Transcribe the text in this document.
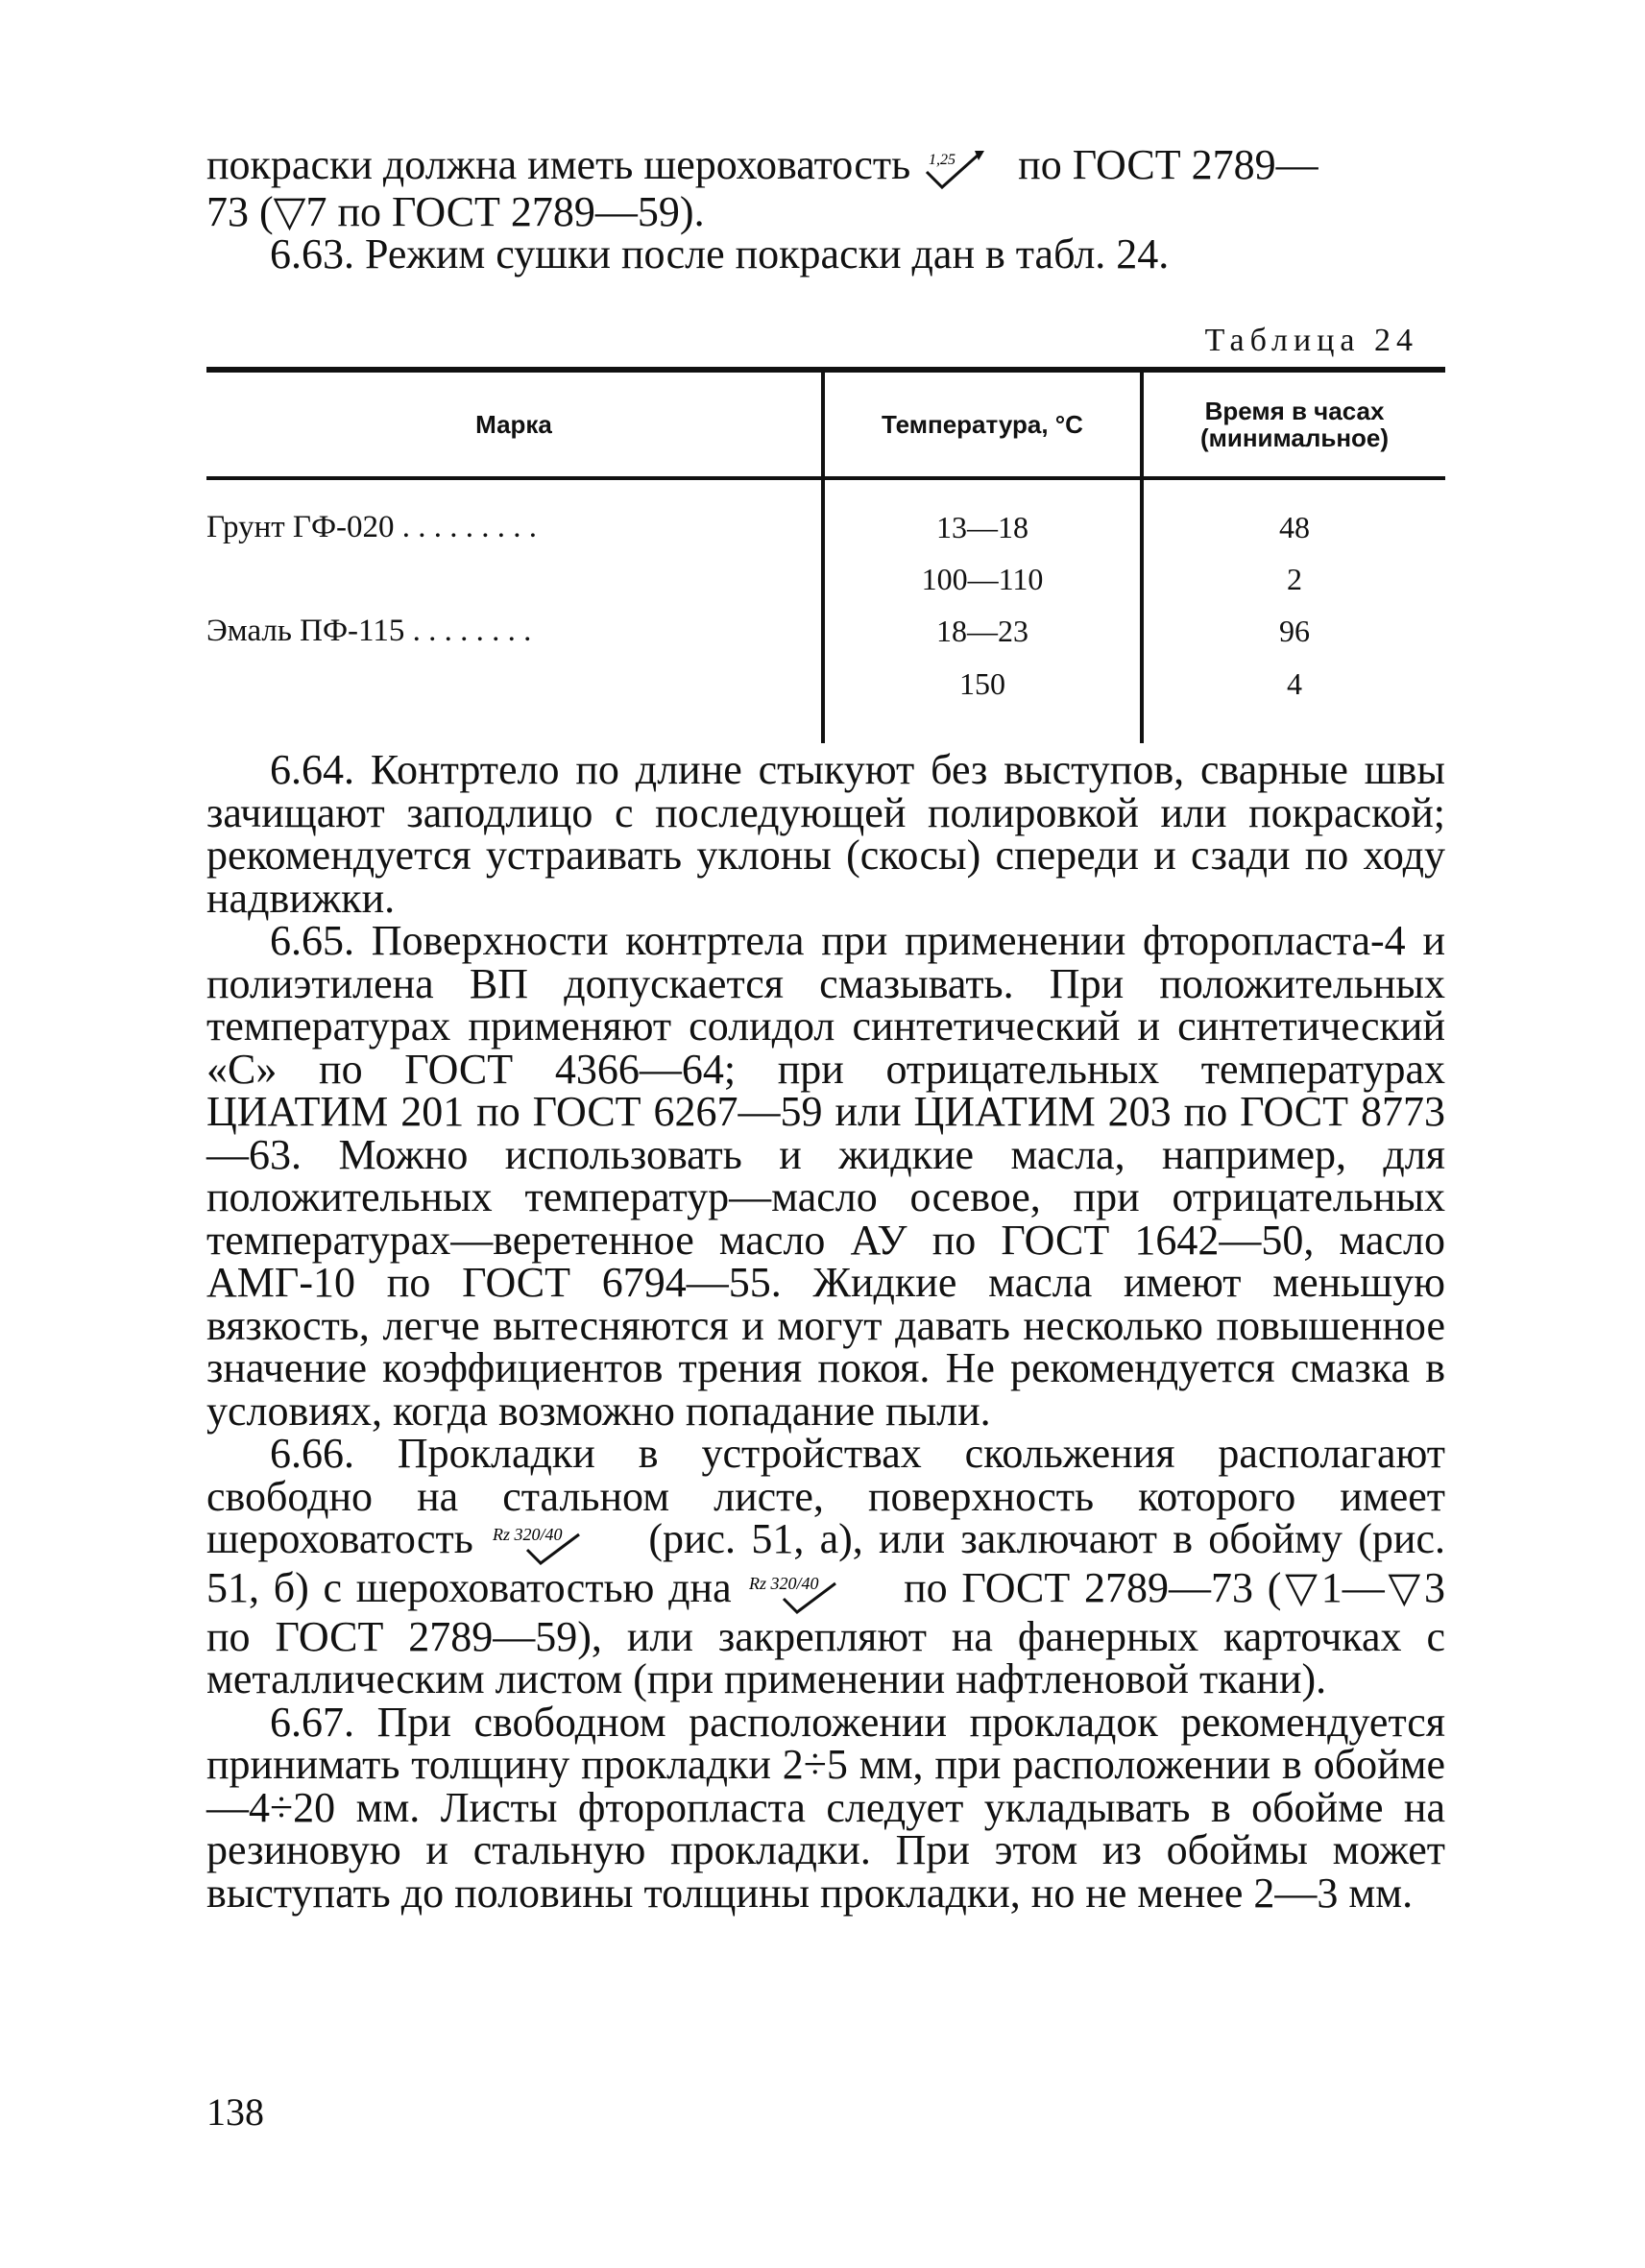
покраски должна иметь шероховатость 1,25 по ГОСТ 2789—

73 (▽7 по ГОСТ 2789—59).

6.63. Режим сушки после покраски дан в табл. 24.

Таблица 24
Марка	Температура, °С	Время в часах (минимальное)
Грунт ГФ-020 . . . . . . . . .	13—18	48
	100—110	2
Эмаль ПФ-115 . . . . . . . .	18—23	96
	150	4

6.64. Контртело по длине стыкуют без выступов, сварные швы зачищают заподлицо с последующей полировкой или покраской; рекомендуется устраивать уклоны (скосы) спереди и сзади по ходу надвижки.

6.65. Поверхности контртела при применении фторопласта-4 и полиэтилена ВП допускается смазывать. При положительных температурах применяют солидол синтетический и синтетический «С» по ГОСТ 4366—64; при отрицательных температурах ЦИАТИМ 201 по ГОСТ 6267—59 или ЦИАТИМ 203 по ГОСТ 8773—63. Можно использовать и жидкие масла, например, для положительных температур—масло осевое, при отрицательных температурах—веретенное масло АУ по ГОСТ 1642—50, масло АМГ-10 по ГОСТ 6794—55. Жидкие масла имеют меньшую вязкость, легче вытесняются и могут давать несколько повышенное значение коэффициентов трения покоя. Не рекомендуется смазка в условиях, когда возможно попадание пыли.

6.66. Прокладки в устройствах скольжения располагают свободно на стальном листе, поверхность которого имеет шероховатость Rz 320/40 (рис. 51, а), или заключают в обойму (рис. 51, б) с шероховатостью дна Rz 320/40 по ГОСТ 2789—73 (▽1—▽3 по ГОСТ 2789—59), или закрепляют на фанерных карточках с металлическим листом (при применении нафтленовой ткани).

6.67. При свободном расположении прокладок рекомендуется принимать толщину прокладки 2÷5 мм, при расположении в обойме—4÷20 мм. Листы фторопласта следует укладывать в обойме на резиновую и стальную прокладки. При этом из обоймы может выступать до половины толщины прокладки, но не менее 2—3 мм.

138
